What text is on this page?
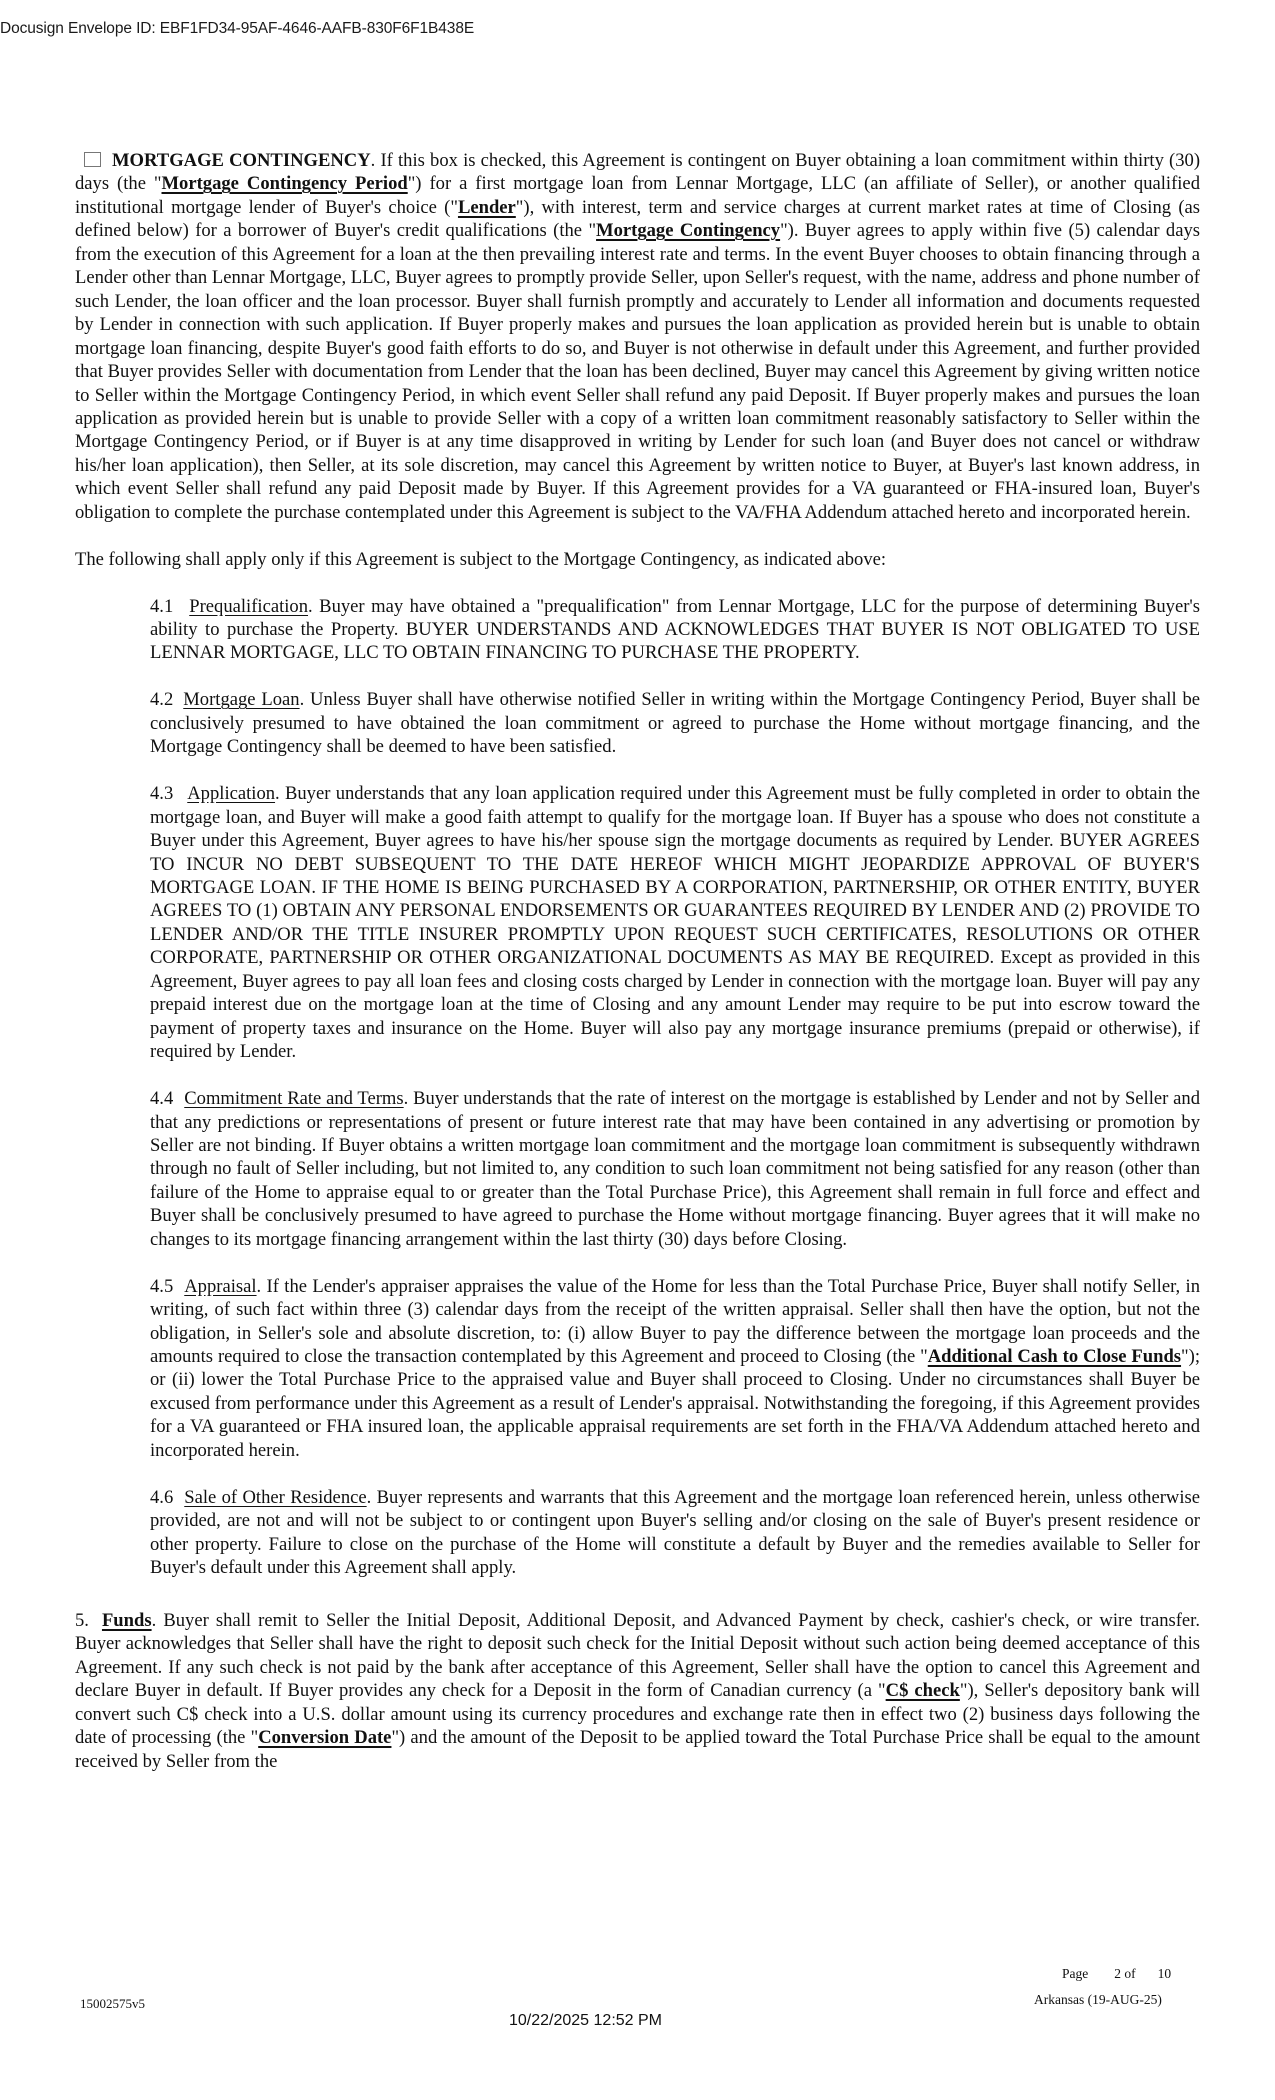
Docusign Envelope ID: EBF1FD34-95AF-4646-AAFB-830F6F1B438E

MORTGAGE CONTINGENCY. If this box is checked, this Agreement is contingent on Buyer obtaining a loan commitment within thirty (30) days (the "Mortgage Contingency Period") for a first mortgage loan from Lennar Mortgage, LLC (an affiliate of Seller), or another qualified institutional mortgage lender of Buyer's choice ("Lender"), with interest, term and service charges at current market rates at time of Closing (as defined below) for a borrower of Buyer's credit qualifications (the "Mortgage Contingency"). Buyer agrees to apply within five (5) calendar days from the execution of this Agreement for a loan at the then prevailing interest rate and terms. In the event Buyer chooses to obtain financing through a Lender other than Lennar Mortgage, LLC, Buyer agrees to promptly provide Seller, upon Seller's request, with the name, address and phone number of such Lender, the loan officer and the loan processor. Buyer shall furnish promptly and accurately to Lender all information and documents requested by Lender in connection with such application. If Buyer properly makes and pursues the loan application as provided herein but is unable to obtain mortgage loan financing, despite Buyer's good faith efforts to do so, and Buyer is not otherwise in default under this Agreement, and further provided that Buyer provides Seller with documentation from Lender that the loan has been declined, Buyer may cancel this Agreement by giving written notice to Seller within the Mortgage Contingency Period, in which event Seller shall refund any paid Deposit. If Buyer properly makes and pursues the loan application as provided herein but is unable to provide Seller with a copy of a written loan commitment reasonably satisfactory to Seller within the Mortgage Contingency Period, or if Buyer is at any time disapproved in writing by Lender for such loan (and Buyer does not cancel or withdraw his/her loan application), then Seller, at its sole discretion, may cancel this Agreement by written notice to Buyer, at Buyer's last known address, in which event Seller shall refund any paid Deposit made by Buyer. If this Agreement provides for a VA guaranteed or FHA-insured loan, Buyer's obligation to complete the purchase contemplated under this Agreement is subject to the VA/FHA Addendum attached hereto and incorporated herein.

The following shall apply only if this Agreement is subject to the Mortgage Contingency, as indicated above:

4.1 Prequalification. Buyer may have obtained a "prequalification" from Lennar Mortgage, LLC for the purpose of determining Buyer's ability to purchase the Property. BUYER UNDERSTANDS AND ACKNOWLEDGES THAT BUYER IS NOT OBLIGATED TO USE LENNAR MORTGAGE, LLC TO OBTAIN FINANCING TO PURCHASE THE PROPERTY.

4.2 Mortgage Loan. Unless Buyer shall have otherwise notified Seller in writing within the Mortgage Contingency Period, Buyer shall be conclusively presumed to have obtained the loan commitment or agreed to purchase the Home without mortgage financing, and the Mortgage Contingency shall be deemed to have been satisfied.

4.3 Application. Buyer understands that any loan application required under this Agreement must be fully completed in order to obtain the mortgage loan, and Buyer will make a good faith attempt to qualify for the mortgage loan. If Buyer has a spouse who does not constitute a Buyer under this Agreement, Buyer agrees to have his/her spouse sign the mortgage documents as required by Lender. BUYER AGREES TO INCUR NO DEBT SUBSEQUENT TO THE DATE HEREOF WHICH MIGHT JEOPARDIZE APPROVAL OF BUYER'S MORTGAGE LOAN. IF THE HOME IS BEING PURCHASED BY A CORPORATION, PARTNERSHIP, OR OTHER ENTITY, BUYER AGREES TO (1) OBTAIN ANY PERSONAL ENDORSEMENTS OR GUARANTEES REQUIRED BY LENDER AND (2) PROVIDE TO LENDER AND/OR THE TITLE INSURER PROMPTLY UPON REQUEST SUCH CERTIFICATES, RESOLUTIONS OR OTHER CORPORATE, PARTNERSHIP OR OTHER ORGANIZATIONAL DOCUMENTS AS MAY BE REQUIRED. Except as provided in this Agreement, Buyer agrees to pay all loan fees and closing costs charged by Lender in connection with the mortgage loan. Buyer will pay any prepaid interest due on the mortgage loan at the time of Closing and any amount Lender may require to be put into escrow toward the payment of property taxes and insurance on the Home. Buyer will also pay any mortgage insurance premiums (prepaid or otherwise), if required by Lender.

4.4 Commitment Rate and Terms. Buyer understands that the rate of interest on the mortgage is established by Lender and not by Seller and that any predictions or representations of present or future interest rate that may have been contained in any advertising or promotion by Seller are not binding. If Buyer obtains a written mortgage loan commitment and the mortgage loan commitment is subsequently withdrawn through no fault of Seller including, but not limited to, any condition to such loan commitment not being satisfied for any reason (other than failure of the Home to appraise equal to or greater than the Total Purchase Price), this Agreement shall remain in full force and effect and Buyer shall be conclusively presumed to have agreed to purchase the Home without mortgage financing. Buyer agrees that it will make no changes to its mortgage financing arrangement within the last thirty (30) days before Closing.

4.5 Appraisal. If the Lender's appraiser appraises the value of the Home for less than the Total Purchase Price, Buyer shall notify Seller, in writing, of such fact within three (3) calendar days from the receipt of the written appraisal. Seller shall then have the option, but not the obligation, in Seller's sole and absolute discretion, to: (i) allow Buyer to pay the difference between the mortgage loan proceeds and the amounts required to close the transaction contemplated by this Agreement and proceed to Closing (the "Additional Cash to Close Funds"); or (ii) lower the Total Purchase Price to the appraised value and Buyer shall proceed to Closing. Under no circumstances shall Buyer be excused from performance under this Agreement as a result of Lender's appraisal. Notwithstanding the foregoing, if this Agreement provides for a VA guaranteed or FHA insured loan, the applicable appraisal requirements are set forth in the FHA/VA Addendum attached hereto and incorporated herein.

4.6 Sale of Other Residence. Buyer represents and warrants that this Agreement and the mortgage loan referenced herein, unless otherwise provided, are not and will not be subject to or contingent upon Buyer's selling and/or closing on the sale of Buyer's present residence or other property. Failure to close on the purchase of the Home will constitute a default by Buyer and the remedies available to Seller for Buyer's default under this Agreement shall apply.

5. Funds. Buyer shall remit to Seller the Initial Deposit, Additional Deposit, and Advanced Payment by check, cashier's check, or wire transfer. Buyer acknowledges that Seller shall have the right to deposit such check for the Initial Deposit without such action being deemed acceptance of this Agreement. If any such check is not paid by the bank after acceptance of this Agreement, Seller shall have the option to cancel this Agreement and declare Buyer in default. If Buyer provides any check for a Deposit in the form of Canadian currency (a "C$ check"), Seller's depository bank will convert such C$ check into a U.S. dollar amount using its currency procedures and exchange rate then in effect two (2) business days following the date of processing (the "Conversion Date") and the amount of the Deposit to be applied toward the Total Purchase Price shall be equal to the amount received by Seller from the

Page 2 of 10
15002575v5	Arkansas (19-AUG-25)
10/22/2025 12:52 PM
